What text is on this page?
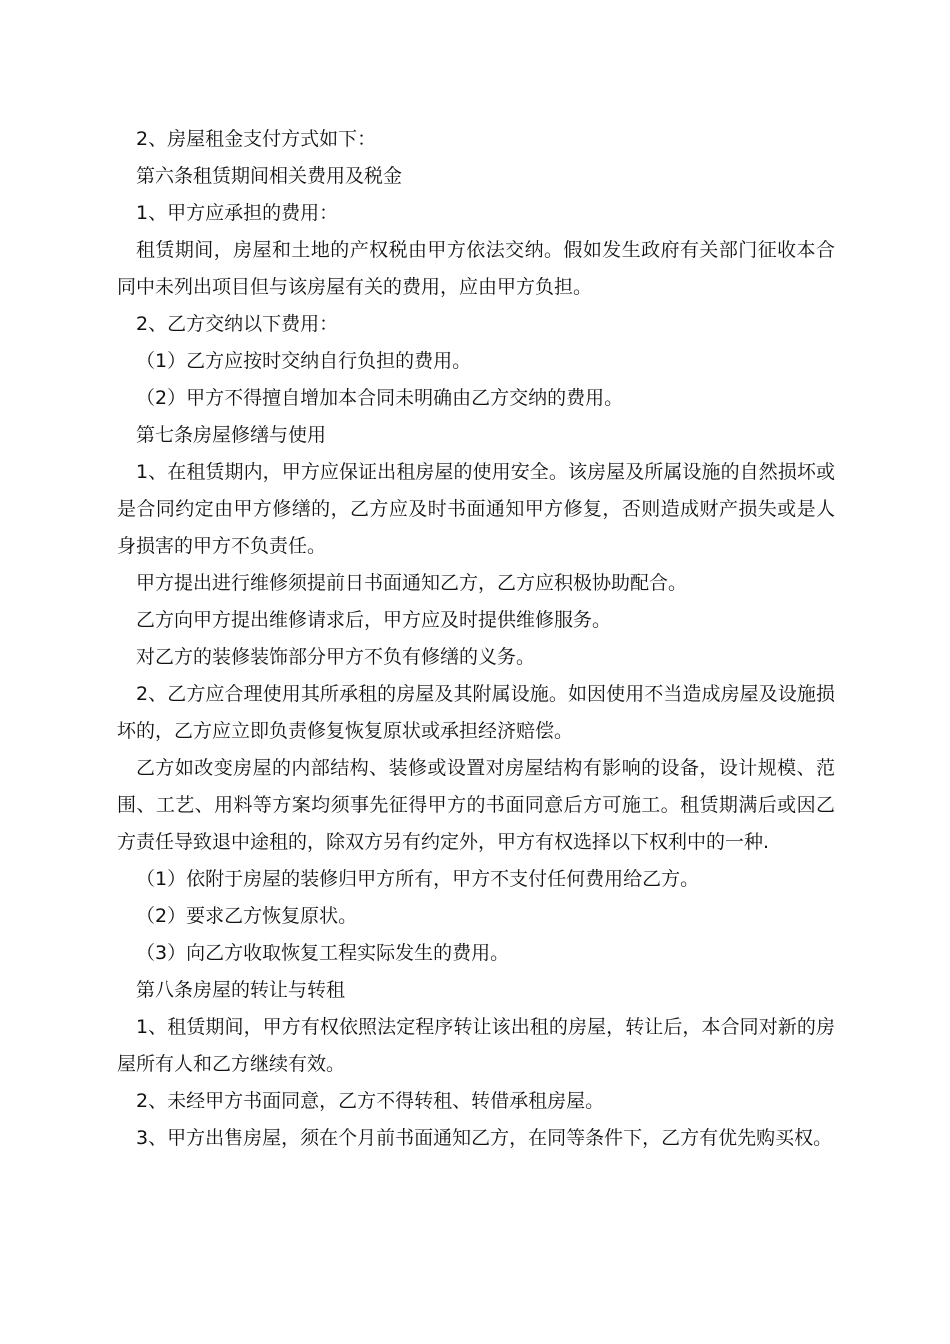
2、房屋租金支付方式如下：

第六条租赁期间相关费用及税金

1、甲方应承担的费用：

租赁期间，房屋和土地的产权税由甲方依法交纳。假如发生政府有关部门征收本合同中未列出项目但与该房屋有关的费用，应由甲方负担。

2、乙方交纳以下费用：

（1）乙方应按时交纳自行负担的费用。

（2）甲方不得擅自增加本合同未明确由乙方交纳的费用。

第七条房屋修缮与使用

1、在租赁期内，甲方应保证出租房屋的使用安全。该房屋及所属设施的自然损坏或是合同约定由甲方修缮的，乙方应及时书面通知甲方修复，否则造成财产损失或是人身损害的甲方不负责任。

甲方提出进行维修须提前日书面通知乙方，乙方应积极协助配合。

乙方向甲方提出维修请求后，甲方应及时提供维修服务。

对乙方的装修装饰部分甲方不负有修缮的义务。

2、乙方应合理使用其所承租的房屋及其附属设施。如因使用不当造成房屋及设施损坏的，乙方应立即负责修复恢复原状或承担经济赔偿。

乙方如改变房屋的内部结构、装修或设置对房屋结构有影响的设备，设计规模、范围、工艺、用料等方案均须事先征得甲方的书面同意后方可施工。租赁期满后或因乙方责任导致退中途租的，除双方另有约定外，甲方有权选择以下权利中的一种.

（1）依附于房屋的装修归甲方所有，甲方不支付任何费用给乙方。

（2）要求乙方恢复原状。

（3）向乙方收取恢复工程实际发生的费用。

第八条房屋的转让与转租

1、租赁期间，甲方有权依照法定程序转让该出租的房屋，转让后，本合同对新的房屋所有人和乙方继续有效。

2、未经甲方书面同意，乙方不得转租、转借承租房屋。

3、甲方出售房屋，须在个月前书面通知乙方，在同等条件下，乙方有优先购买权。
